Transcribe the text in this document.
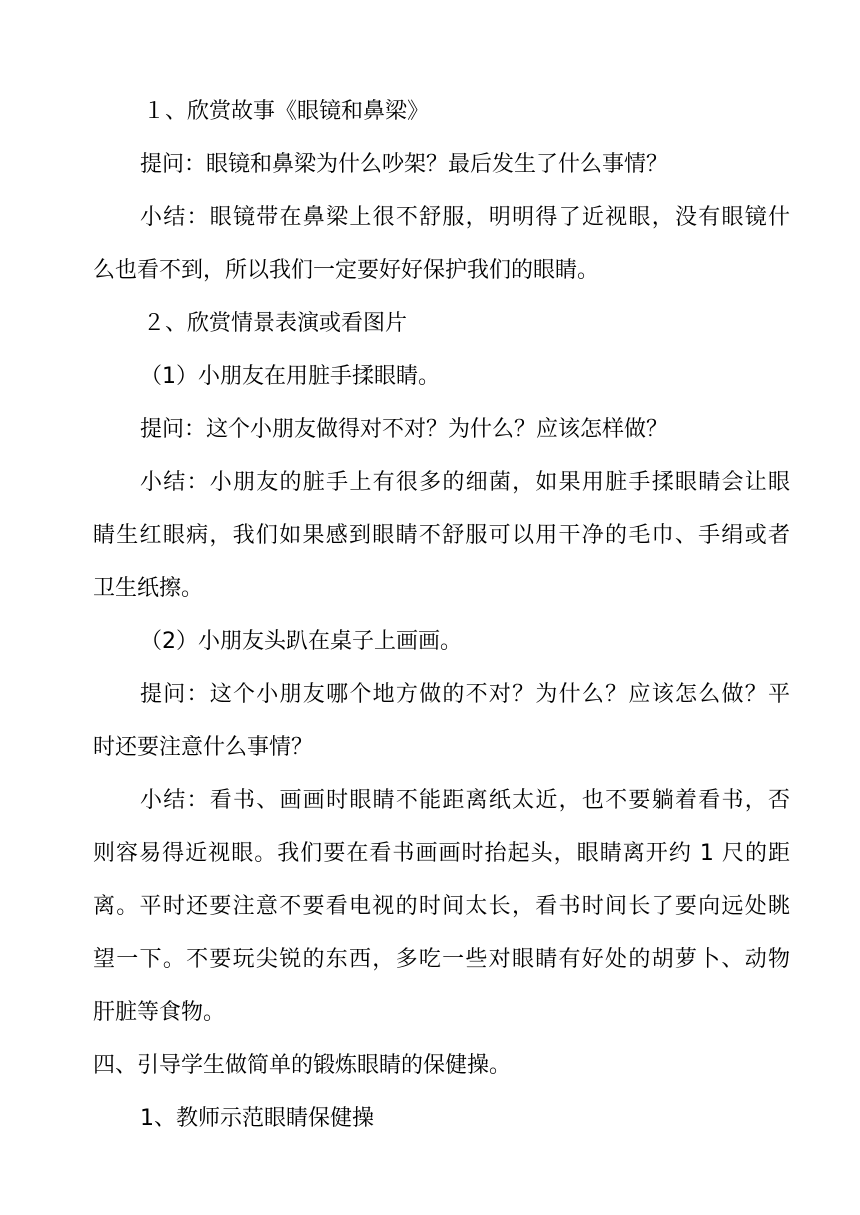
１、欣赏故事《眼镜和鼻梁》
提问：眼镜和鼻梁为什么吵架？最后发生了什么事情？
小结：眼镜带在鼻梁上很不舒服，明明得了近视眼，没有眼镜什
么也看不到，所以我们一定要好好保护我们的眼睛。
２、欣赏情景表演或看图片
（1）小朋友在用脏手揉眼睛。
提问：这个小朋友做得对不对？为什么？应该怎样做？
小结：小朋友的脏手上有很多的细菌，如果用脏手揉眼睛会让眼
睛生红眼病，我们如果感到眼睛不舒服可以用干净的毛巾、手绢或者
卫生纸擦。
（2）小朋友头趴在桌子上画画。
提问：这个小朋友哪个地方做的不对？为什么？应该怎么做？平
时还要注意什么事情？
小结：看书、画画时眼睛不能距离纸太近，也不要躺着看书，否
则容易得近视眼。我们要在看书画画时抬起头，眼睛离开约 1 尺的距
离。平时还要注意不要看电视的时间太长，看书时间长了要向远处眺
望一下。不要玩尖锐的东西，多吃一些对眼睛有好处的胡萝卜、动物
肝脏等食物。
四、引导学生做简单的锻炼眼睛的保健操。
1、教师示范眼睛保健操
